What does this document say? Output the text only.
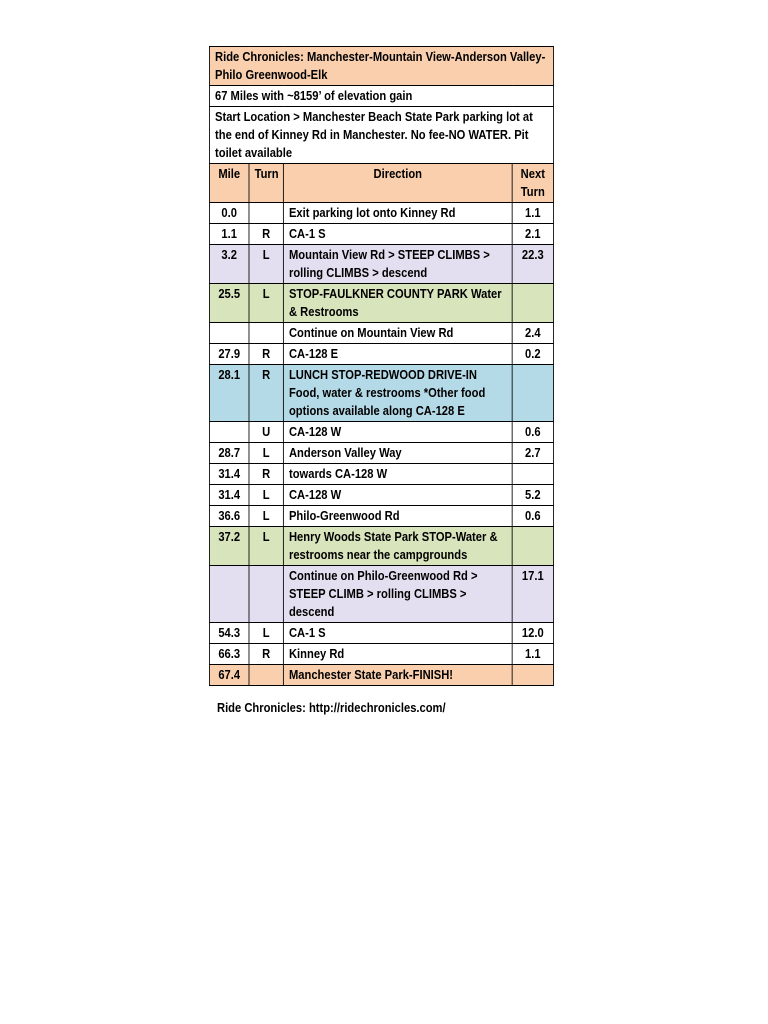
Ride Chronicles: Manchester-Mountain View-Anderson Valley-Philo Greenwood-Elk			
67 Miles with ~8159’ of elevation gain			
Start Location > Manchester Beach State Park parking lot at the end of Kinney Rd in Manchester. No fee-NO WATER. Pit toilet available			
Mile	Turn	Direction	Next Turn
0.0		Exit parking lot onto Kinney Rd	1.1
1.1	R	CA-1 S	2.1
3.2	L	Mountain View Rd > STEEP CLIMBS > rolling CLIMBS > descend	22.3
25.5	L	STOP-FAULKNER COUNTY PARK Water & Restrooms	
		Continue on Mountain View Rd	2.4
27.9	R	CA-128 E	0.2
28.1	R	LUNCH STOP-REDWOOD DRIVE-IN Food, water & restrooms *Other food options available along CA-128 E	
	U	CA-128 W	0.6
28.7	L	Anderson Valley Way	2.7
31.4	R	towards CA-128 W	
31.4	L	CA-128 W	5.2
36.6	L	Philo-Greenwood Rd	0.6
37.2	L	Henry Woods State Park STOP-Water & restrooms near the campgrounds	
		Continue on Philo-Greenwood Rd > STEEP CLIMB > rolling CLIMBS > descend	17.1
54.3	L	CA-1 S	12.0
66.3	R	Kinney Rd	1.1
67.4		Manchester State Park-FINISH!	
Ride Chronicles: http://ridechronicles.com/
